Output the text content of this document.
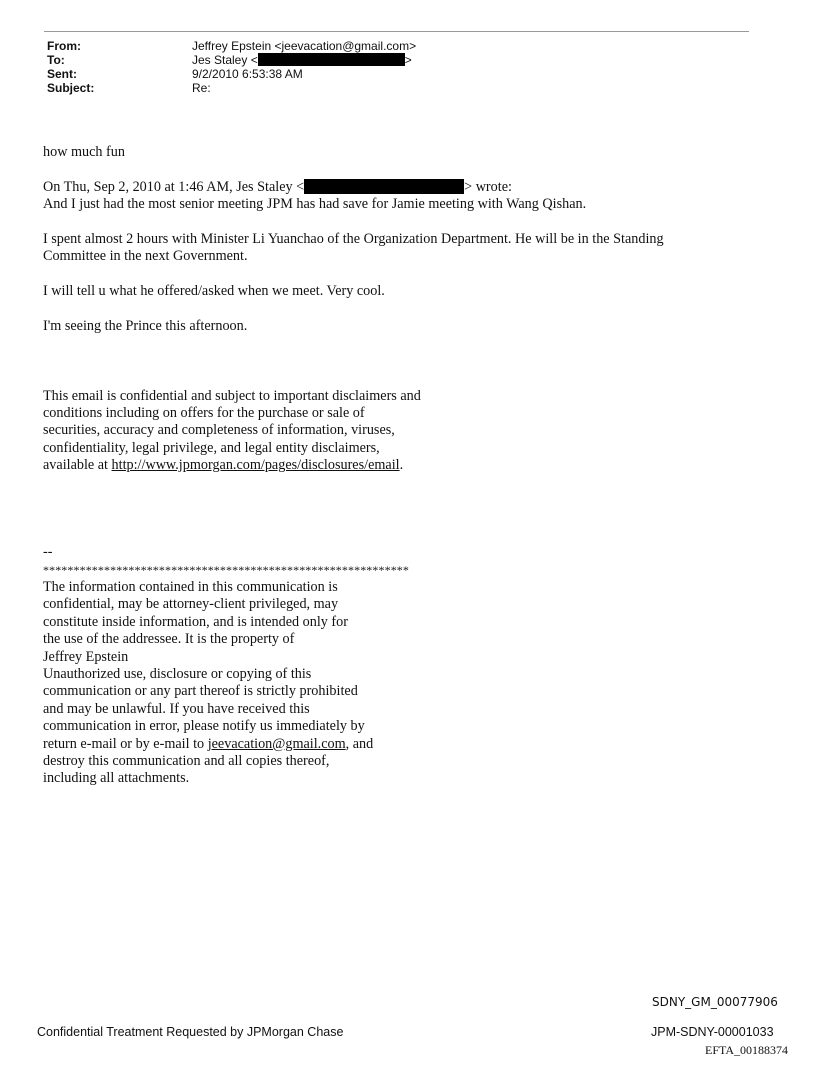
From:	Jeffrey Epstein <jeevacation@gmail.com>
To:	Jes Staley <	>
Sent:	9/2/2010 6:53:38 AM
Subject:	Re:

how much fun

On Thu, Sep 2, 2010 at 1:46 AM, Jes Staley <	> wrote:

And I just had the most senior meeting JPM has had save for Jamie meeting with Wang Qishan.

I spent almost 2 hours with Minister Li Yuanchao of the Organization Department. He will be in the Standing

Committee in the next Government.

I will tell u what he offered/asked when we meet. Very cool.

I'm seeing the Prince this afternoon.

This email is confidential and subject to important disclaimers and

conditions including on offers for the purchase or sale of

securities, accuracy and completeness of information, viruses,

confidentiality, legal privilege, and legal entity disclaimers,

available at http://www.jpmorgan.com/pages/disclosures/email.

--

************************************************************

The information contained in this communication is

confidential, may be attorney-client privileged, may

constitute inside information, and is intended only for

the use of the addressee. It is the property of

Jeffrey Epstein

Unauthorized use, disclosure or copying of this

communication or any part thereof is strictly prohibited

and may be unlawful. If you have received this

communication in error, please notify us immediately by

return e-mail or by e-mail to jeevacation@gmail.com, and

destroy this communication and all copies thereof,

including all attachments.

SDNY_GM_00077906
Confidential Treatment Requested by JPMorgan Chase	JPM-SDNY-00001033
EFTA_00188374
